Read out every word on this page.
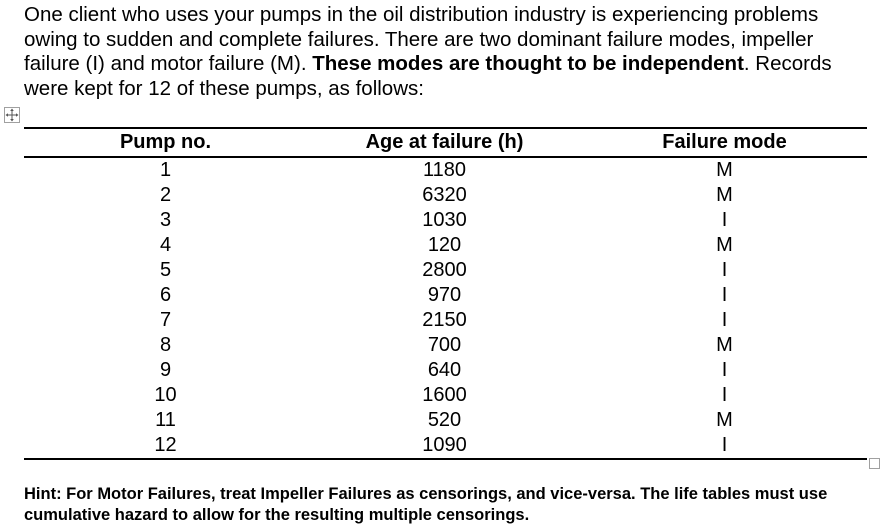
One client who uses your pumps in the oil distribution industry is experiencing problems owing to sudden and complete failures. There are two dominant failure modes, impeller failure (I) and motor failure (M). These modes are thought to be independent. Records were kept for 12 of these pumps, as follows:

Pump no.	Age at failure (h)	Failure mode
1	1180	M
2	6320	M
3	1030	I
4	120	M
5	2800	I
6	970	I
7	2150	I
8	700	M
9	640	I
10	1600	I
11	520	M
12	1090	I

Hint: For Motor Failures, treat Impeller Failures as censorings, and vice-versa. The life tables must use cumulative hazard to allow for the resulting multiple censorings.
